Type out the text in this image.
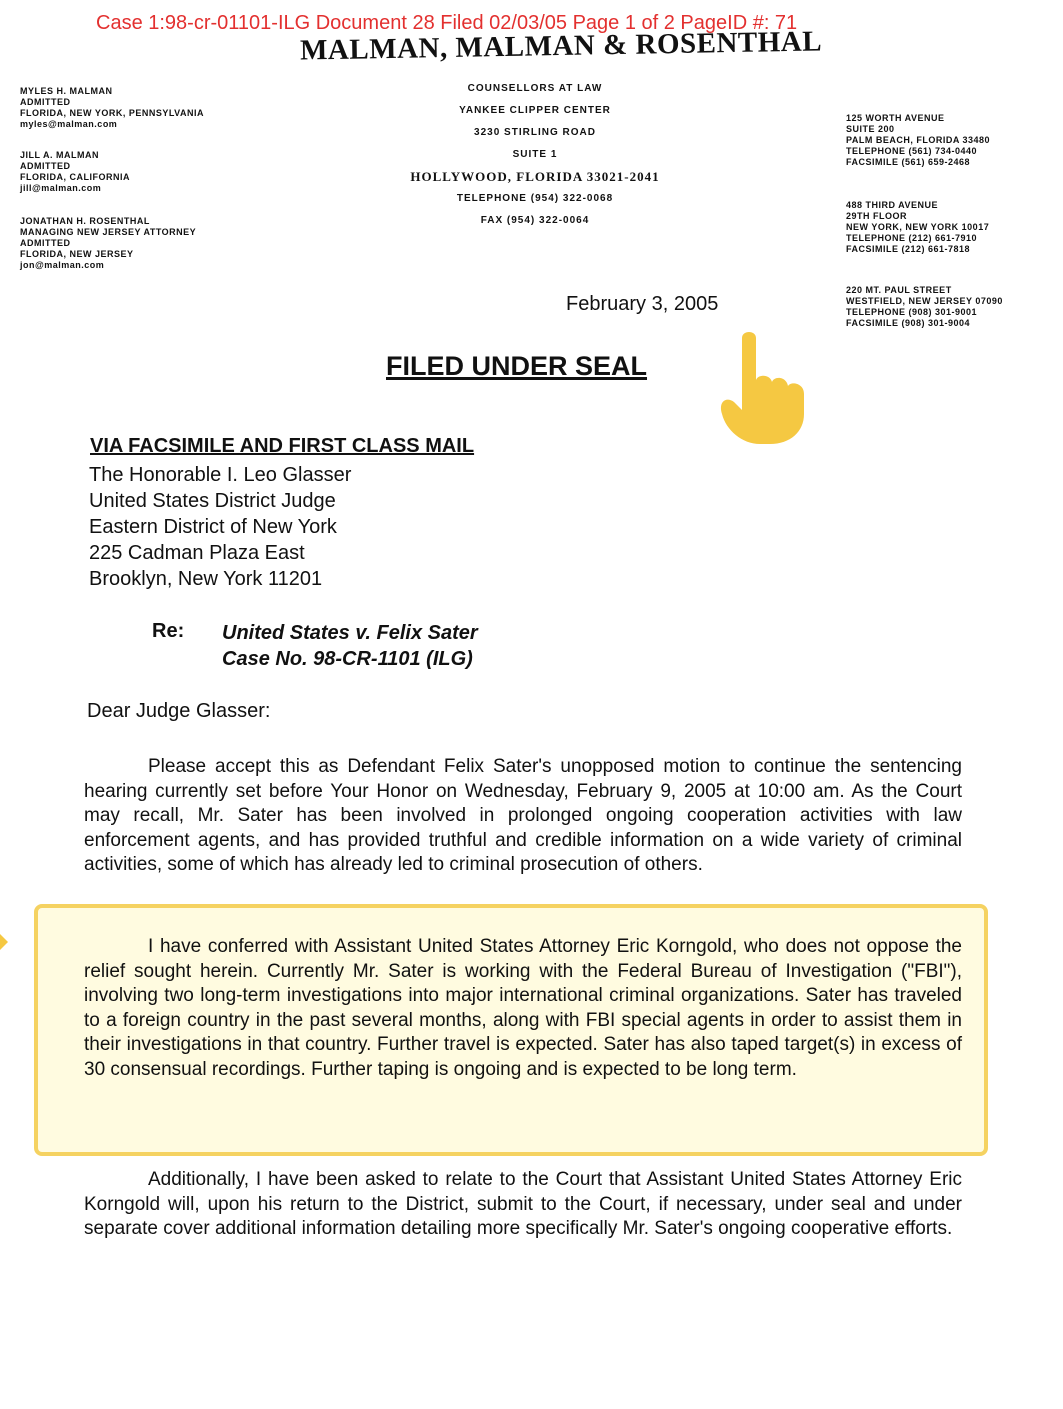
Case 1:98-cr-01101-ILG Document 28 Filed 02/03/05 Page 1 of 2 PageID #: 71
MALMAN, MALMAN & ROSENTHAL
MYLES H. MALMAN
ADMITTED
FLORIDA, NEW YORK, PENNSYLVANIA
myles@malman.com
JILL A. MALMAN
ADMITTED
FLORIDA, CALIFORNIA
jill@malman.com
JONATHAN H. ROSENTHAL
MANAGING NEW JERSEY ATTORNEY
ADMITTED
FLORIDA, NEW JERSEY
jon@malman.com
COUNSELLORS AT LAW
YANKEE CLIPPER CENTER
3230 STIRLING ROAD
SUITE 1
HOLLYWOOD, FLORIDA 33021-2041
TELEPHONE (954) 322-0068
FAX (954) 322-0064
125 WORTH AVENUE
SUITE 200
PALM BEACH, FLORIDA 33480
TELEPHONE (561) 734-0440
FACSIMILE (561) 659-2468
488 THIRD AVENUE
29TH FLOOR
NEW YORK, NEW YORK 10017
TELEPHONE (212) 661-7910
FACSIMILE (212) 661-7818
220 MT. PAUL STREET
WESTFIELD, NEW JERSEY 07090
TELEPHONE (908) 301-9001
FACSIMILE (908) 301-9004
February 3, 2005
FILED UNDER SEAL
VIA FACSIMILE AND FIRST CLASS MAIL
The Honorable I. Leo Glasser
United States District Judge
Eastern District of New York
225 Cadman Plaza East
Brooklyn, New York 11201
Re: United States v. Felix Sater
Case No. 98-CR-1101 (ILG)
Dear Judge Glasser:
Please accept this as Defendant Felix Sater's unopposed motion to continue the sentencing hearing currently set before Your Honor on Wednesday, February 9, 2005 at 10:00 am. As the Court may recall, Mr. Sater has been involved in prolonged ongoing cooperation activities with law enforcement agents, and has provided truthful and credible information on a wide variety of criminal activities, some of which has already led to criminal prosecution of others.
I have conferred with Assistant United States Attorney Eric Korngold, who does not oppose the relief sought herein. Currently Mr. Sater is working with the Federal Bureau of Investigation ("FBI"), involving two long-term investigations into major international criminal organizations. Sater has traveled to a foreign country in the past several months, along with FBI special agents in order to assist them in their investigations in that country. Further travel is expected. Sater has also taped target(s) in excess of 30 consensual recordings. Further taping is ongoing and is expected to be long term.
Additionally, I have been asked to relate to the Court that Assistant United States Attorney Eric Korngold will, upon his return to the District, submit to the Court, if necessary, under seal and under separate cover additional information detailing more specifically Mr. Sater's ongoing cooperative efforts.
